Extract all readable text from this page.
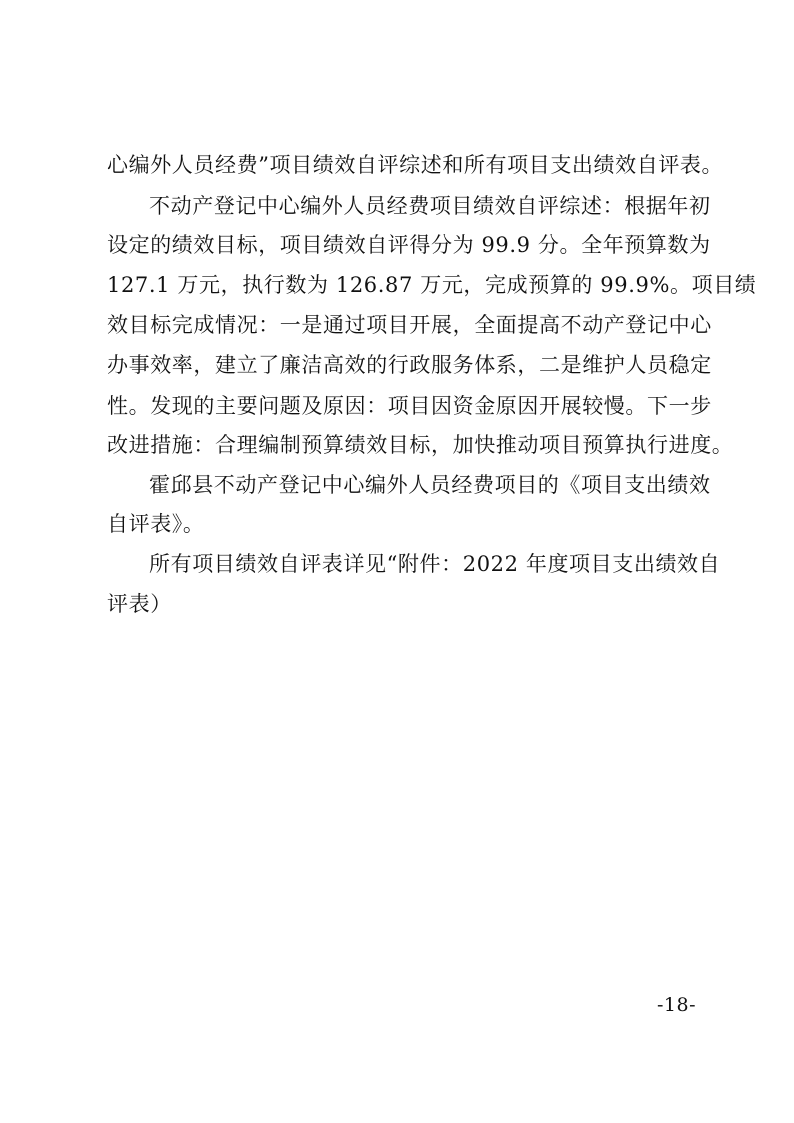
心编外人员经费”项目绩效自评综述和所有项目支出绩效自评表。
不动产登记中心编外人员经费项目绩效自评综述：根据年初
设定的绩效目标，项目绩效自评得分为 99.9 分。全年预算数为
127.1 万元，执行数为 126.87 万元，完成预算的 99.9%。项目绩
效目标完成情况：一是通过项目开展，全面提高不动产登记中心
办事效率，建立了廉洁高效的行政服务体系，二是维护人员稳定
性。发现的主要问题及原因：项目因资金原因开展较慢。下一步
改进措施：合理编制预算绩效目标，加快推动项目预算执行进度。
霍邱县不动产登记中心编外人员经费项目的《项目支出绩效
自评表》。
所有项目绩效自评表详见“附件：2022 年度项目支出绩效自
评表）
-18-
